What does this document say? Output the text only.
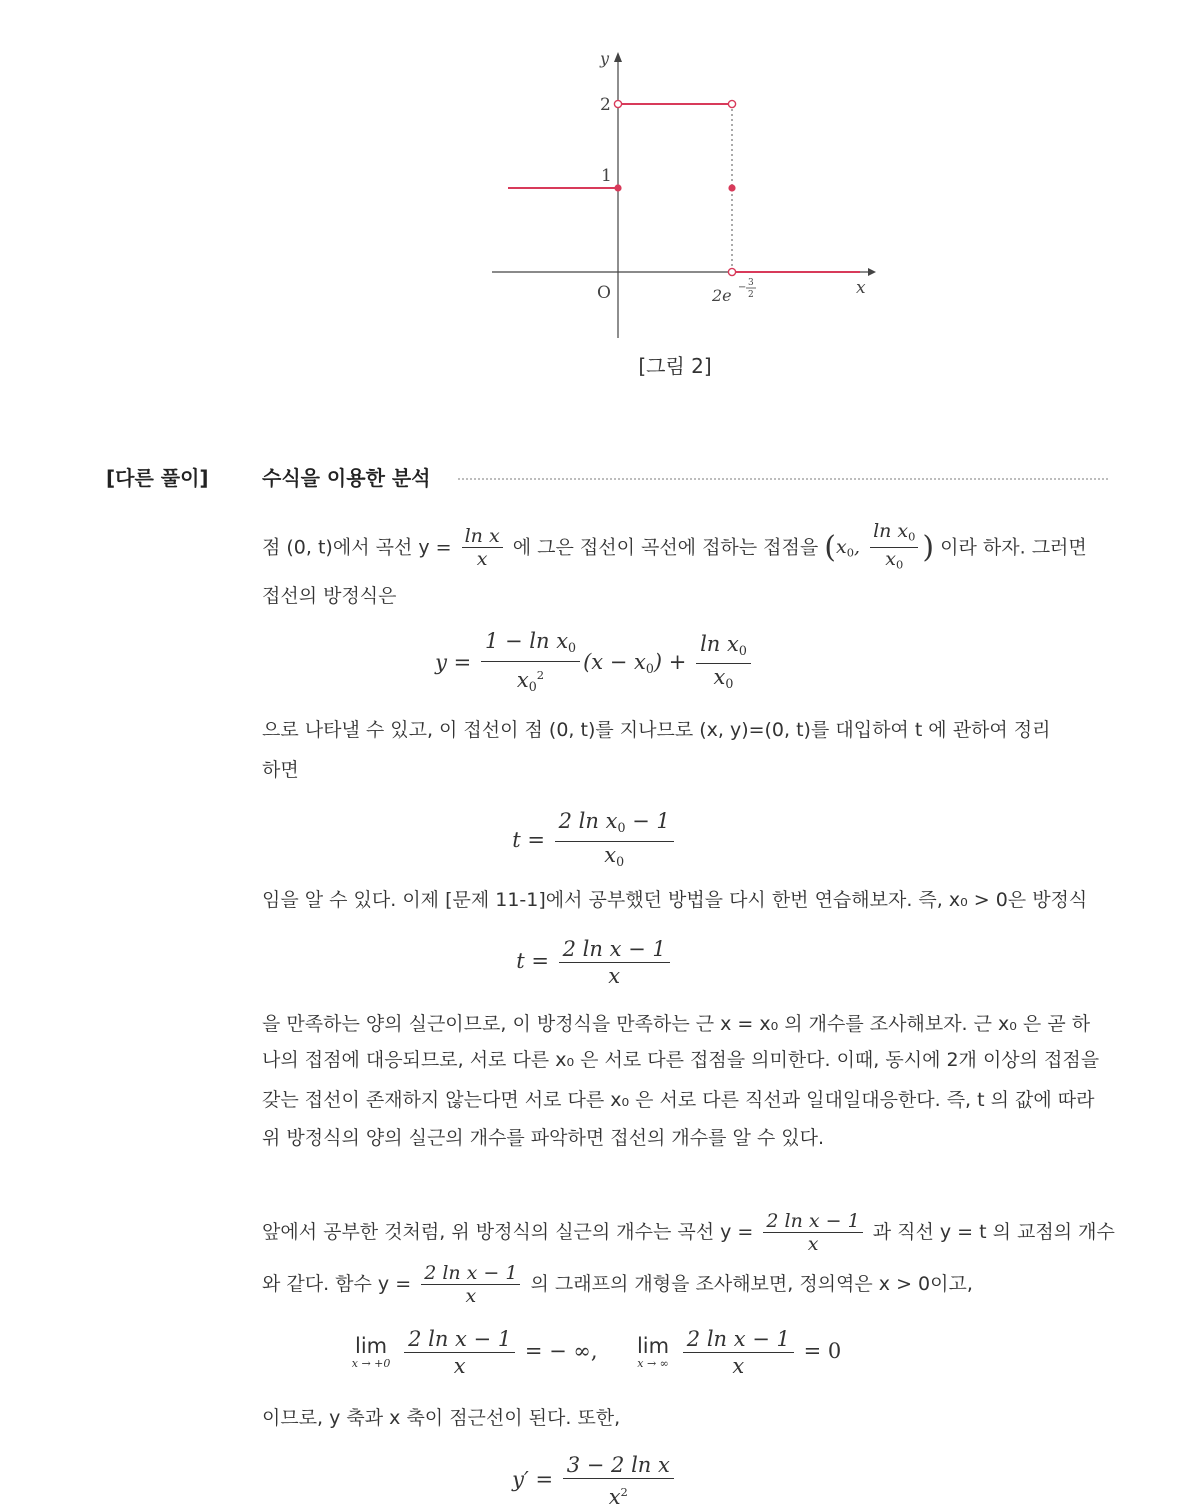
y
2
1
O	x
2e − 3
2
[그림 2]
[다른 풀이]	수식을 이용한 분석
점 (0, t)에서 곡선 $y = \frac{\text{ln x}}{x}$ 에 그은 접선이 곡선에 접하는 접점을 ($x_0$, $\frac{\ln x_0}{x_0}$ ) 이라 하자. 그러면
접선의 방정식은
$y = \frac{1 - \ln x_0}{x_0^2} (x - x_0) + \frac{\ln x_0}{x_0}$
으로 나타낼 수 있고, 이 접선이 점 (0, t)를 지나므로 (x, y)=(0, t)를 대입하여 t 에 관하여 정리
하면
$t = \frac{2 \ln x_0 - 1}{x_0}$
임을 알 수 있다. 이제 [문제 11-1]에서 공부했던 방법을 다시 한번 연습해보자. 즉, x₀ > 0은 방정식
$t = \frac{\text{2 ln x − 1}}{x}$
을 만족하는 양의 실근이므로, 이 방정식을 만족하는 근 x = x₀ 의 개수를 조사해보자. 근 x₀ 은 곧 하
나의 접점에 대응되므로, 서로 다른 x₀ 은 서로 다른 접점을 의미한다. 이때, 동시에 2개 이상의 접점을
갖는 접선이 존재하지 않는다면 서로 다른 x₀ 은 서로 다른 직선과 일대일대응한다. 즉, t 의 값에 따라
위 방정식의 양의 실근의 개수를 파악하면 접선의 개수를 알 수 있다.
앞에서 공부한 것처럼, 위 방정식의 실근의 개수는 곡선 $y = \frac{\text{2 ln x − 1}}{x}$ 과 직선 y = t 의 교점의 개수
와 같다. 함수 $y = \frac{\text{2 ln x − 1}}{x}$ 의 그래프의 개형을 조사해보면, 정의역은 x > 0이고,
lim
x → +0
$\frac{\text{2 ln x − 1}}{x}$ = − ∞, lim
x → ∞
$\frac{\text{2 ln x − 1}}{x} = 0$
이므로, y 축과 x 축이 점근선이 된다. 또한,
$y' = \frac{\text{3 − 2 ln x}}{x^2}$
